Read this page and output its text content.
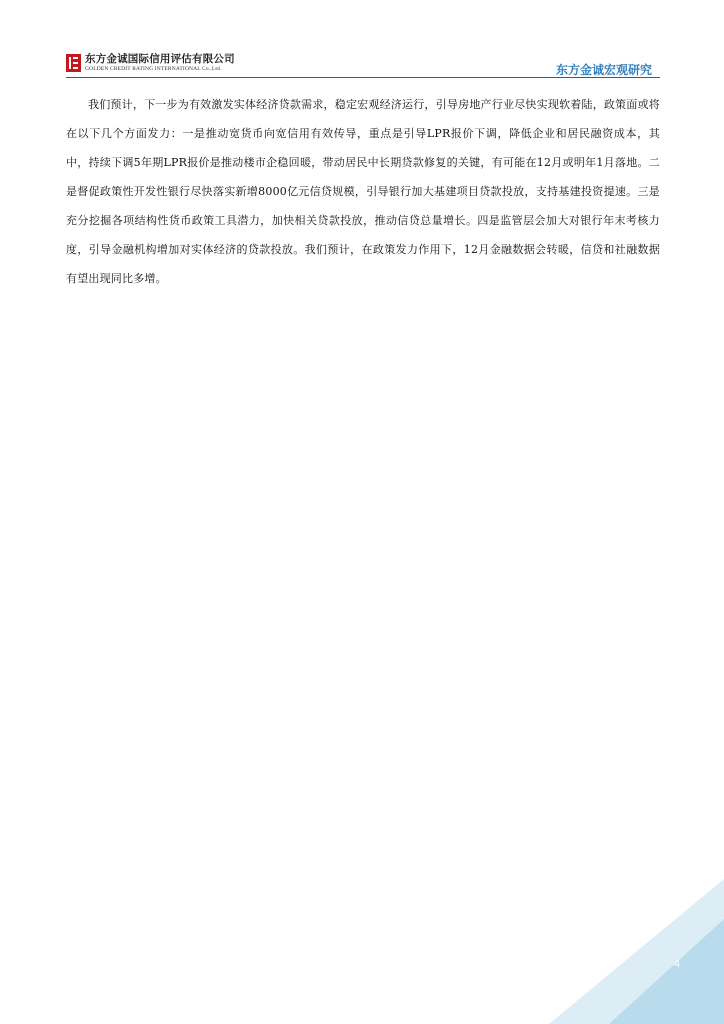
东方金诚国际信用评估有限公司
GOLDEN CREDIT RATING INTERNATIONAL Co.,Ltd.	东方金诚宏观研究

我们预计，下一步为有效激发实体经济贷款需求，稳定宏观经济运行，引导房地产行业尽快实现软着陆，政策面或将在以下几个方面发力：一是推动宽货币向宽信用有效传导，重点是引导LPR报价下调，降低企业和居民融资成本，其中，持续下调5年期LPR报价是推动楼市企稳回暖，带动居民中长期贷款修复的关键，有可能在12月或明年1月落地。二是督促政策性开发性银行尽快落实新增8000亿元信贷规模，引导银行加大基建项目贷款投放，支持基建投资提速。三是充分挖掘各项结构性货币政策工具潜力，加快相关贷款投放，推动信贷总量增长。四是监管层会加大对银行年末考核力度，引导金融机构增加对实体经济的贷款投放。我们预计，在政策发力作用下，12月金融数据会转暖，信贷和社融数据有望出现同比多增。

4
